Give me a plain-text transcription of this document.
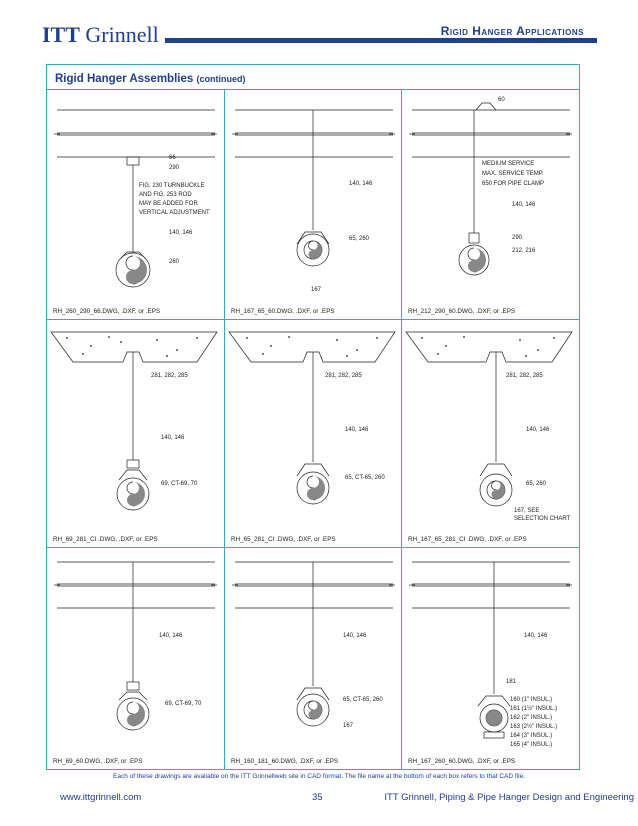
ITT Grinnell	Rigid Hanger Applications
Rigid Hanger Assemblies (continued)
66
290
FIG. 230 TURNBUCKLE
AND FIG. 253 ROD
MAY BE ADDED FOR
VERTICAL ADJUSTMENT
140, 146
260
RH_260_290_66.DWG, .DXF, or .EPS
140, 146
65, 260
167
RH_167_65_60.DWG, .DXF, or .EPS
60
MEDIUM SERVICE
MAX. SERVICE TEMP.
650 FOR PIPE CLAMP
140, 146
290
212, 216
RH_212_290_60.DWG, .DXF, or .EPS
281, 282, 285
140, 146
69, CT-69, 70
RH_69_281_CI .DWG, .DXF, or .EPS
281, 282, 285
140, 146
65, CT-65, 260
RH_65_281_CI .DWG, .DXF, or .EPS
281, 282, 285
140, 146
65, 260
167, SEE
SELECTION CHART
RH_167_65_281_CI .DWG, .DXF, or .EPS
140, 146
69, CT-69, 70
RH_69_60.DWG, .DXF, or .EPS
140, 146
65, CT-65, 260
167
RH_160_181_60.DWG, .DXF, or .EPS
140, 146
181
160 (1" INSUL.)
161 (1½" INSUL.)
162 (2" INSUL.)
163 (2½" INSUL.)
164 (3" INSUL.)
165 (4" INSUL.)
RH_167_260_60.DWG, .DXF, or .EPS
Each of these drawings are available on the ITT Grinnellweb site in CAD format. The file name at the bottom of each box refers to that CAD file.
www.ittgrinnell.com	35	ITT Grinnell, Piping & Pipe Hanger Design and Engineering
